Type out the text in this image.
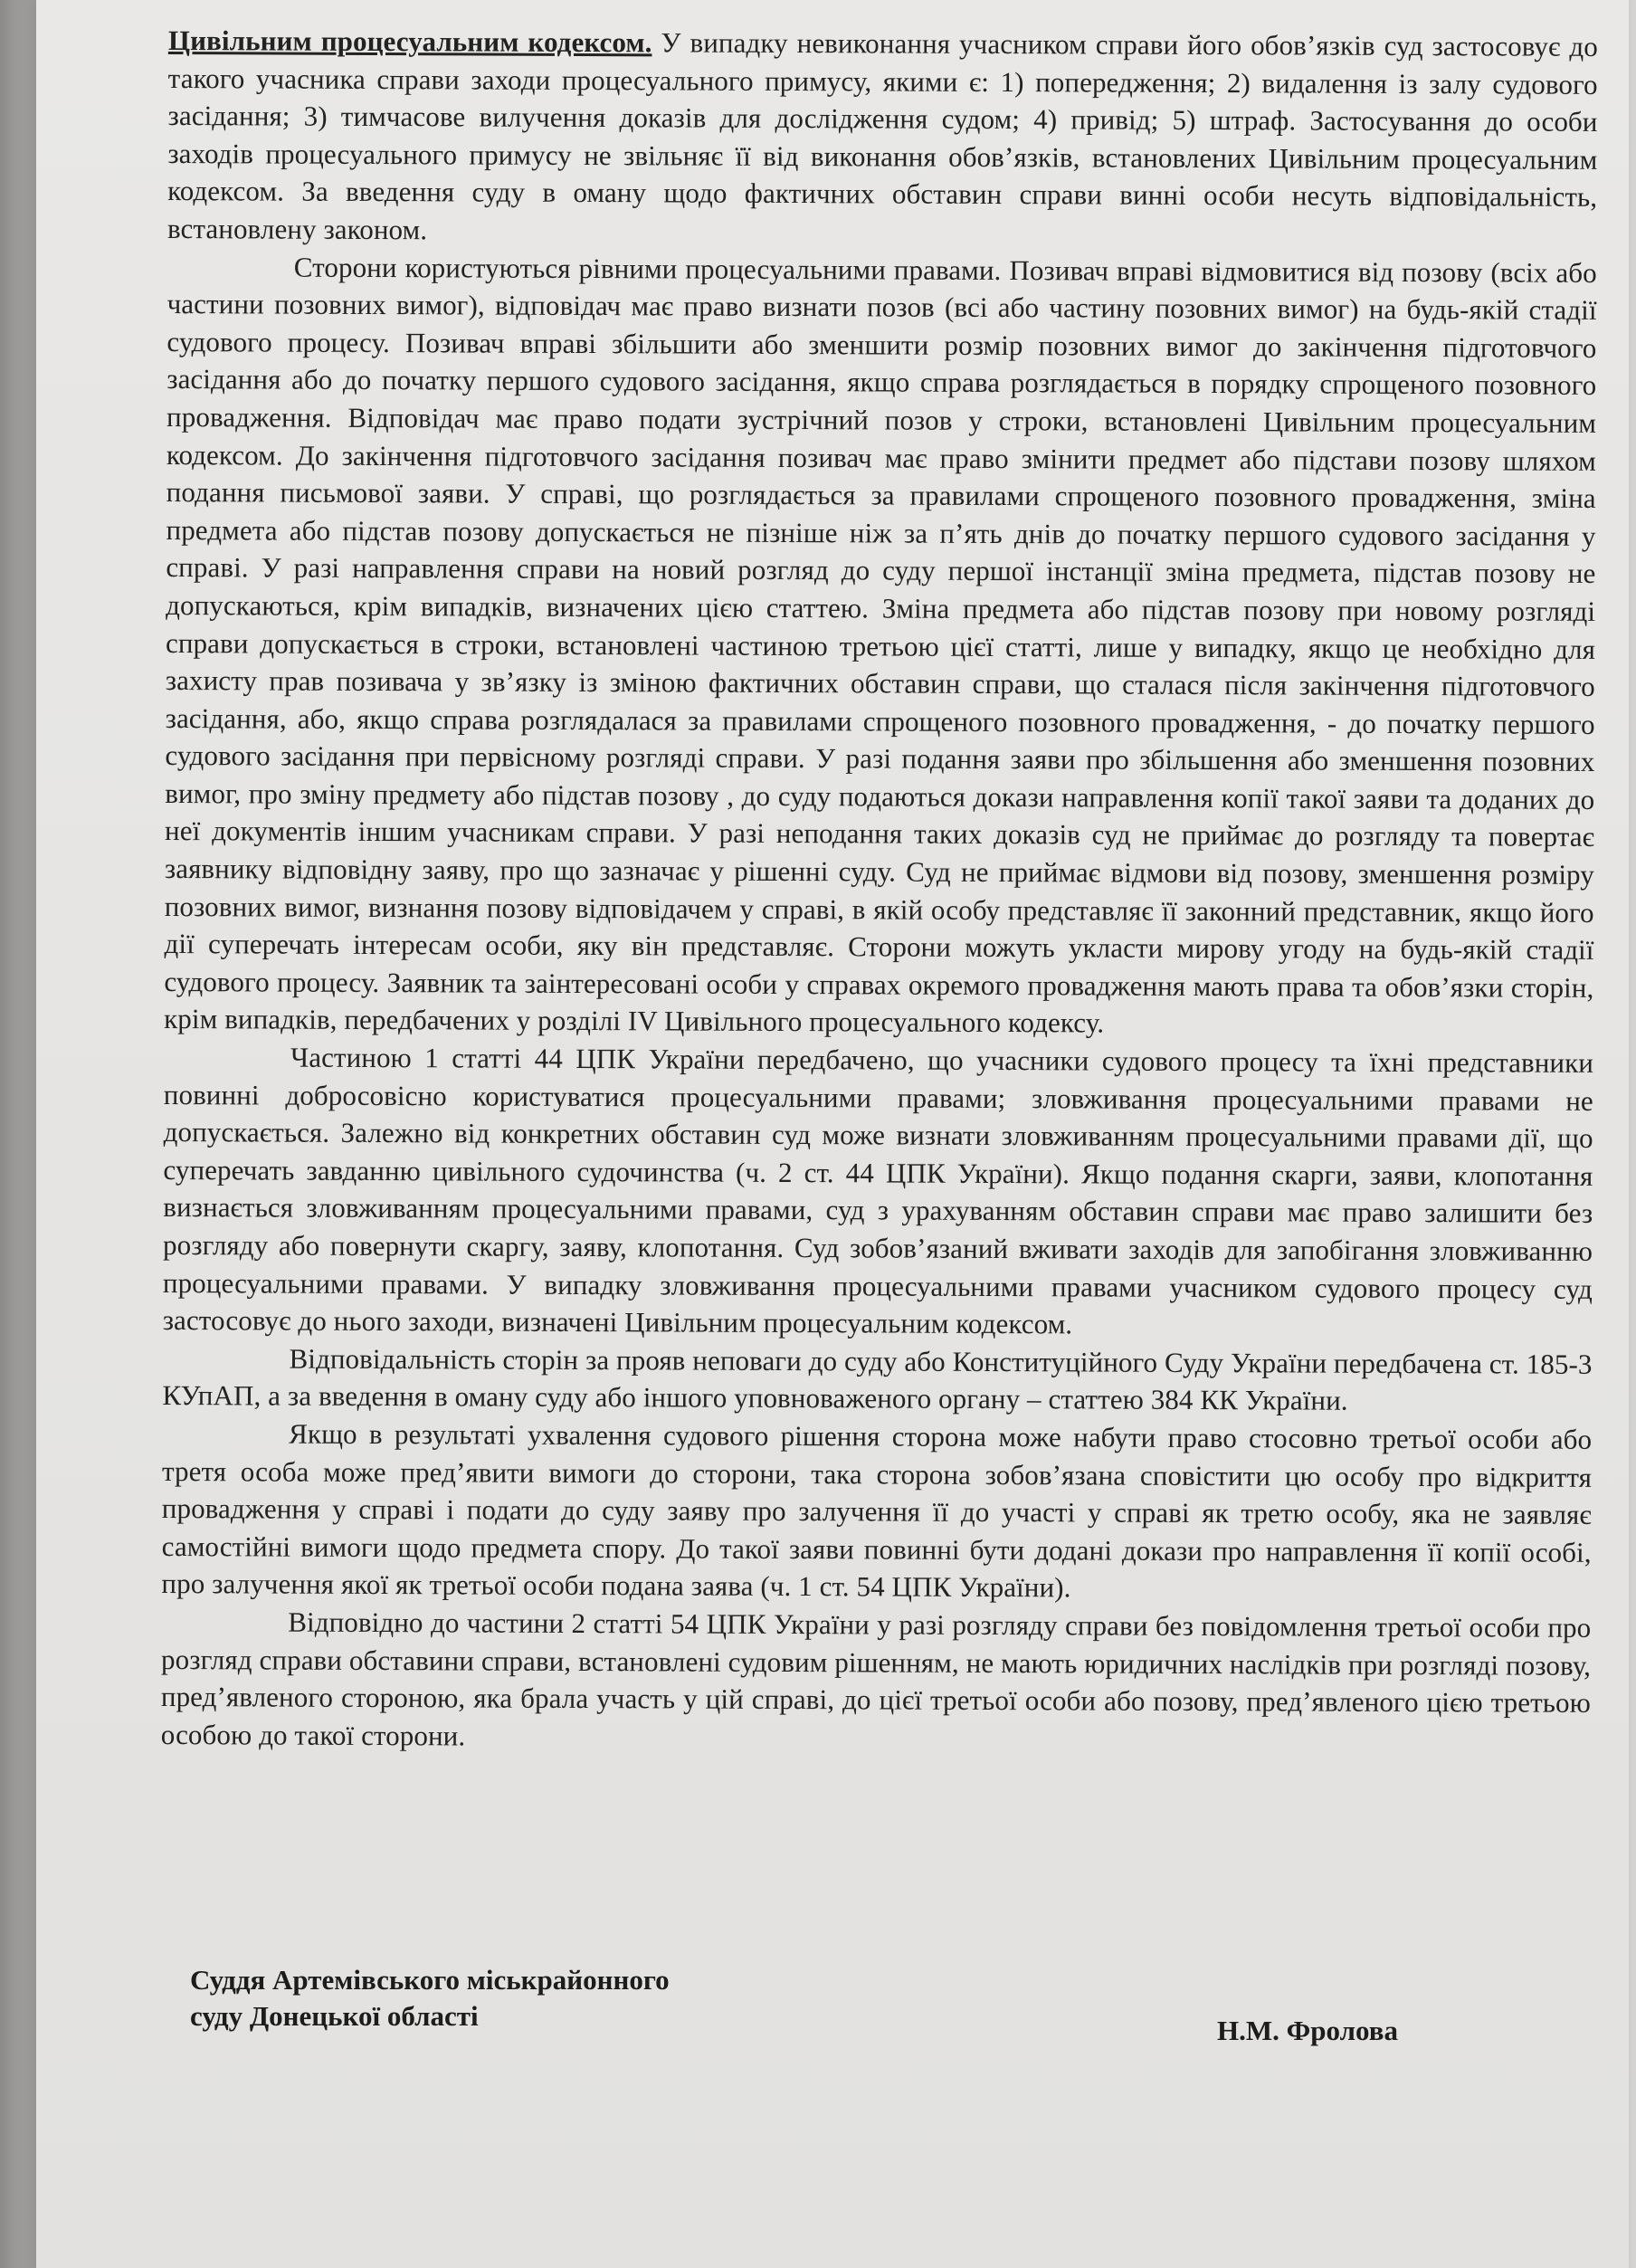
Цивільним процесуальним кодексом. У випадку невиконання учасником справи його обов’язків суд застосовує до такого учасника справи заходи процесуального примусу, якими є: 1) попередження; 2) видалення із залу судового засідання; 3) тимчасове вилучення доказів для дослідження судом; 4) привід; 5) штраф. Застосування до особи заходів процесуального примусу не звільняє її від виконання обов’язків, встановлених Цивільним процесуальним кодексом. За введення суду в оману щодо фактичних обставин справи винні особи несуть відповідальність, встановлену законом.

Сторони користуються рівними процесуальними правами. Позивач вправі відмовитися від позову (всіх або частини позовних вимог), відповідач має право визнати позов (всі або частину позовних вимог) на будь-якій стадії судового процесу. Позивач вправі збільшити або зменшити розмір позовних вимог до закінчення підготовчого засідання або до початку першого судового засідання, якщо справа розглядається в порядку спрощеного позовного провадження. Відповідач має право подати зустрічний позов у строки, встановлені Цивільним процесуальним кодексом. До закінчення підготовчого засідання позивач має право змінити предмет або підстави позову шляхом подання письмової заяви. У справі, що розглядається за правилами спрощеного позовного провадження, зміна предмета або підстав позову допускається не пізніше ніж за п’ять днів до початку першого судового засідання у справі. У разі направлення справи на новий розгляд до суду першої інстанції зміна предмета, підстав позову не допускаються, крім випадків, визначених цією статтею. Зміна предмета або підстав позову при новому розгляді справи допускається в строки, встановлені частиною третьою цієї статті, лише у випадку, якщо це необхідно для захисту прав позивача у зв’язку із зміною фактичних обставин справи, що сталася після закінчення підготовчого засідання, або, якщо справа розглядалася за правилами спрощеного позовного провадження, - до початку першого судового засідання при первісному розгляді справи. У разі подання заяви про збільшення або зменшення позовних вимог, про зміну предмету або підстав позову , до суду подаються докази направлення копії такої заяви та доданих до неї документів іншим учасникам справи. У разі неподання таких доказів суд не приймає до розгляду та повертає заявнику відповідну заяву, про що зазначає у рішенні суду. Суд не приймає відмови від позову, зменшення розміру позовних вимог, визнання позову відповідачем у справі, в якій особу представляє її законний представник, якщо його дії суперечать інтересам особи, яку він представляє. Сторони можуть укласти мирову угоду на будь-якій стадії судового процесу. Заявник та заінтересовані особи у справах окремого провадження мають права та обов’язки сторін, крім випадків, передбачених у розділі IV Цивільного процесуального кодексу.

Частиною 1 статті 44 ЦПК України передбачено, що учасники судового процесу та їхні представники повинні добросовісно користуватися процесуальними правами; зловживання процесуальними правами не допускається. Залежно від конкретних обставин суд може визнати зловживанням процесуальними правами дії, що суперечать завданню цивільного судочинства (ч. 2 ст. 44 ЦПК України). Якщо подання скарги, заяви, клопотання визнається зловживанням процесуальними правами, суд з урахуванням обставин справи має право залишити без розгляду або повернути скаргу, заяву, клопотання. Суд зобов’язаний вживати заходів для запобігання зловживанню процесуальними правами. У випадку зловживання процесуальними правами учасником судового процесу суд застосовує до нього заходи, визначені Цивільним процесуальним кодексом.

Відповідальність сторін за прояв неповаги до суду або Конституційного Суду України передбачена ст. 185-3 КУпАП, а за введення в оману суду або іншого уповноваженого органу – статтею 384 КК України.

Якщо в результаті ухвалення судового рішення сторона може набути право стосовно третьої особи або третя особа може пред’явити вимоги до сторони, така сторона зобов’язана сповістити цю особу про відкриття провадження у справі і подати до суду заяву про залучення її до участі у справі як третю особу, яка не заявляє самостійні вимоги щодо предмета спору. До такої заяви повинні бути додані докази про направлення її копії особі, про залучення якої як третьої особи подана заява (ч. 1 ст. 54 ЦПК України).

Відповідно до частини 2 статті 54 ЦПК України у разі розгляду справи без повідомлення третьої особи про розгляд справи обставини справи, встановлені судовим рішенням, не мають юридичних наслідків при розгляді позову, пред’явленого стороною, яка брала участь у цій справі, до цієї третьої особи або позову, пред’явленого цією третьою особою до такої сторони.

Суддя Артемівського міськрайонного
суду Донецької області	Н.М. Фролова
